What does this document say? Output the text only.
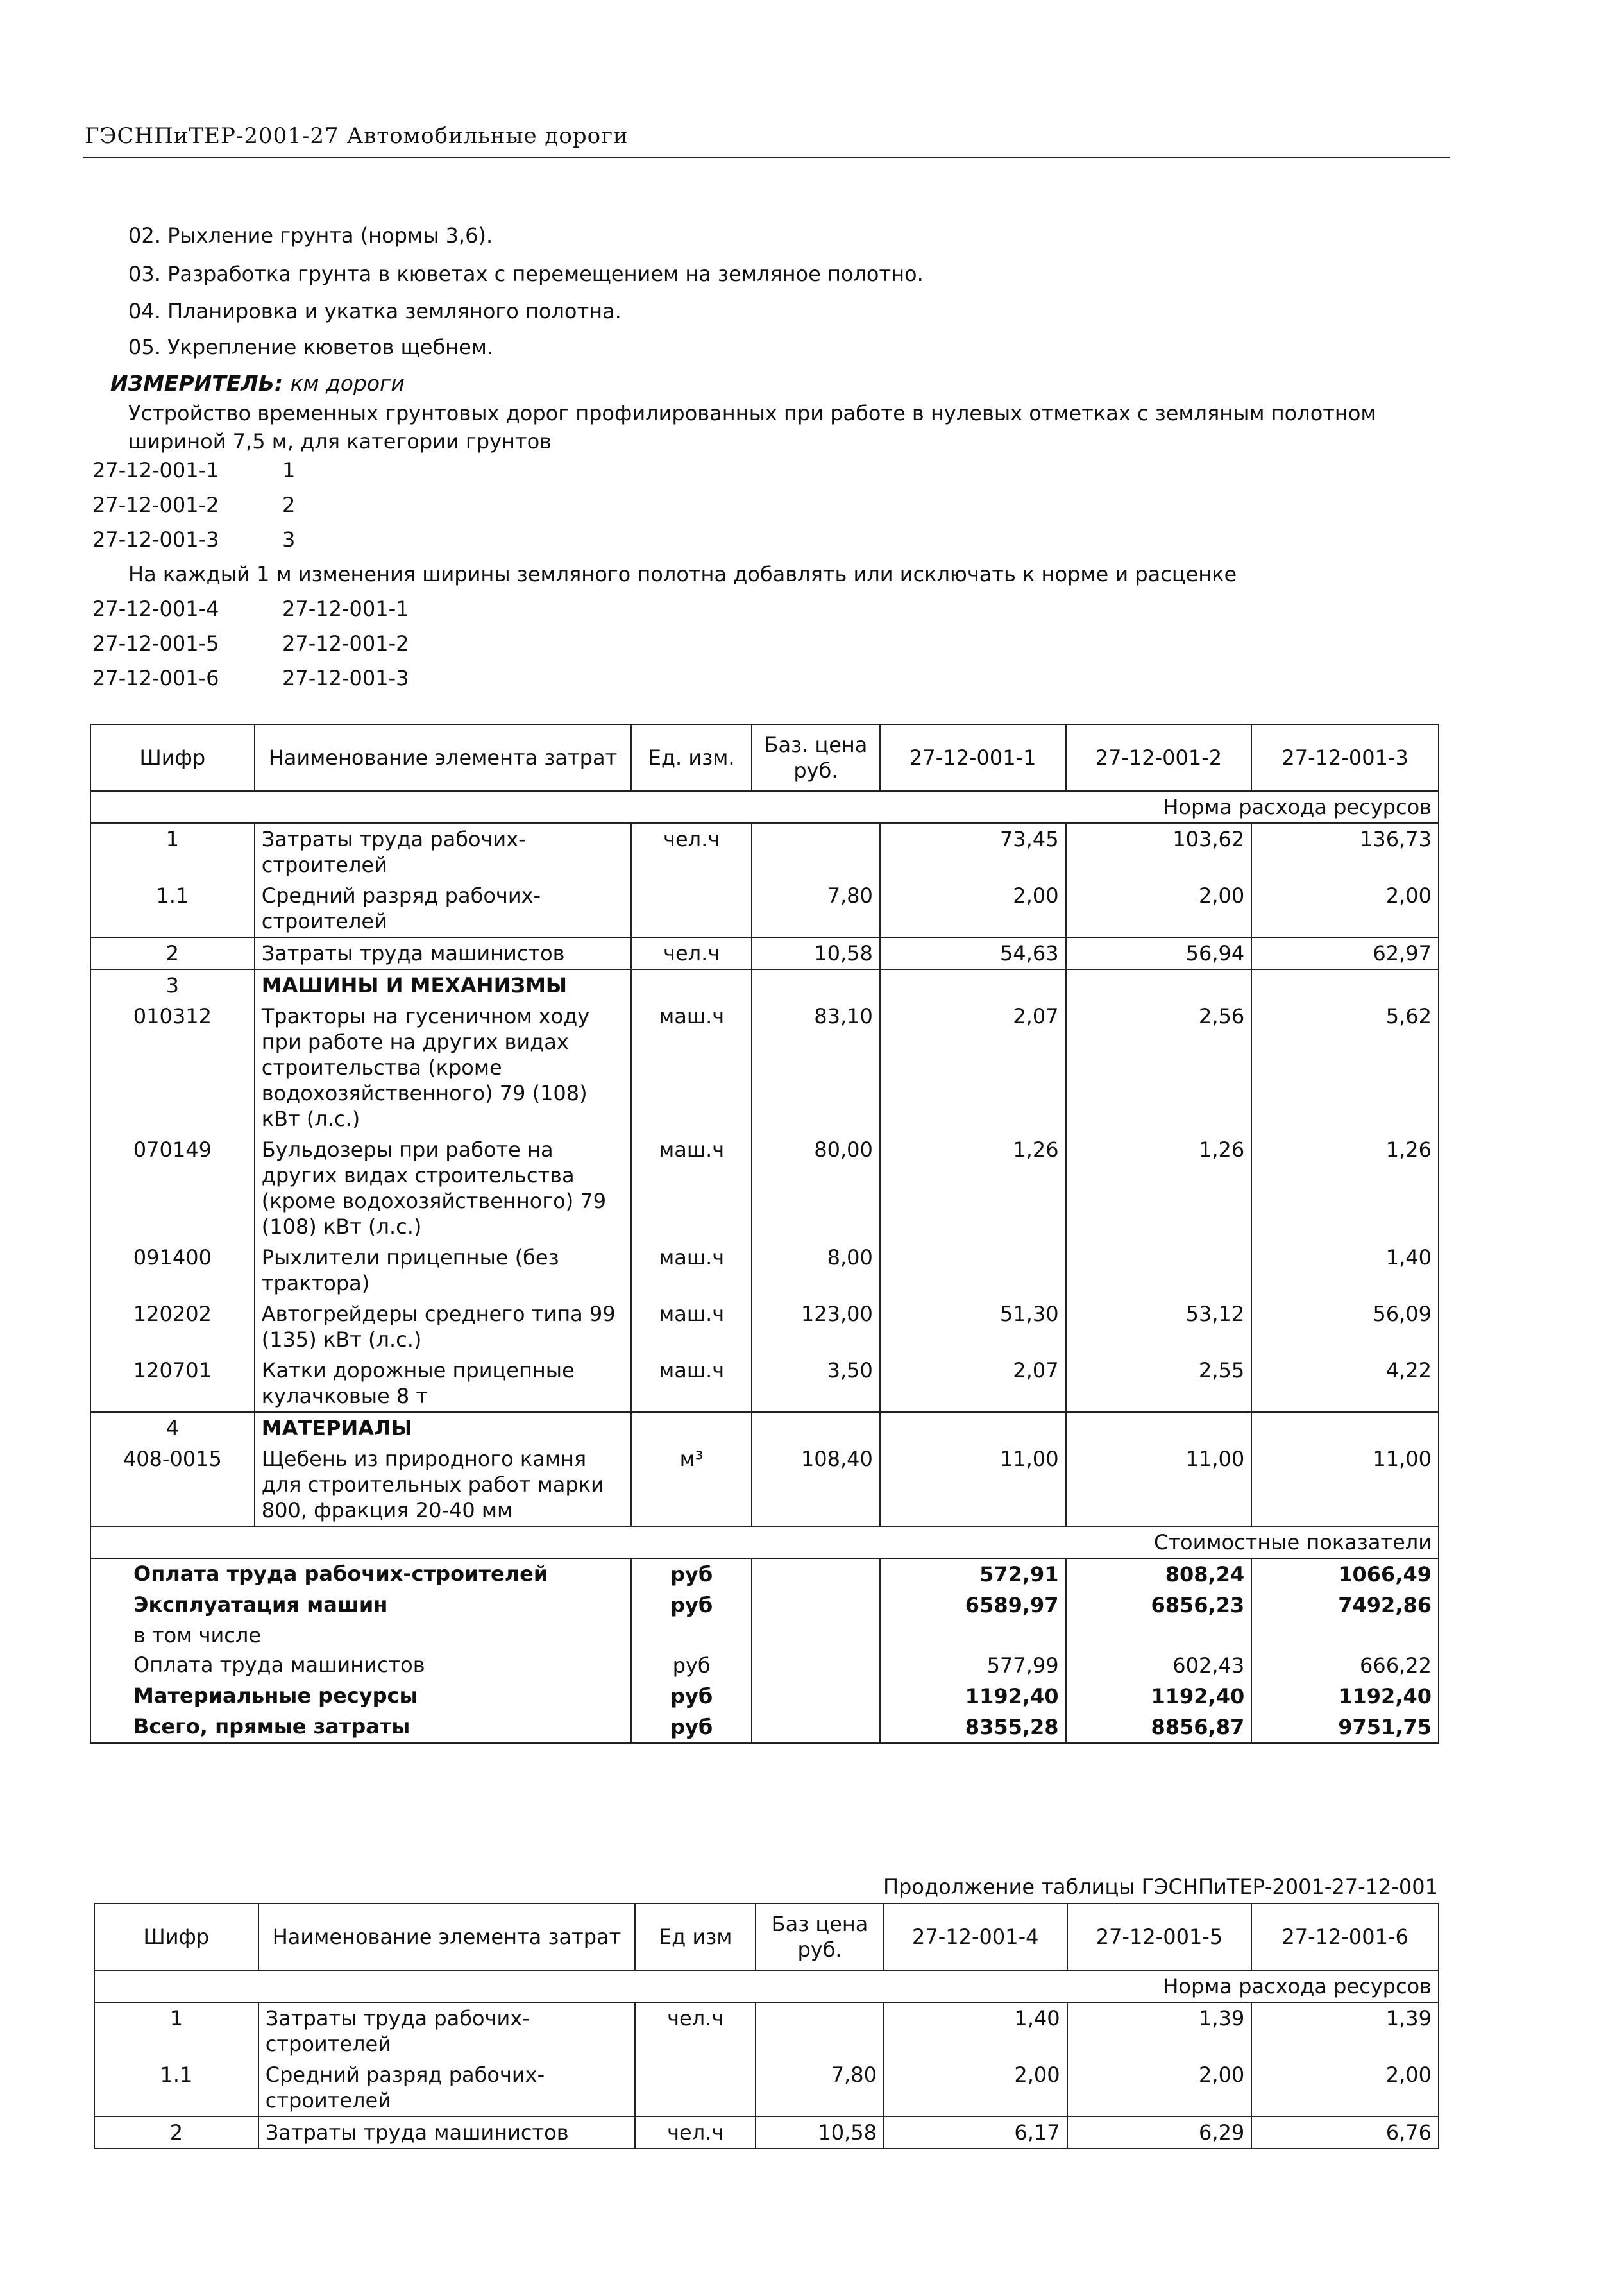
ГЭСНПиТЕР-2001-27 Автомобильные дороги
02. Рыхление грунта (нормы 3,6).
03. Разработка грунта в кюветах с перемещением на земляное полотно.
04. Планировка и укатка земляного полотна.
05. Укрепление кюветов щебнем.
ИЗМЕРИТЕЛЬ: км дороги
Устройство временных грунтовых дорог профилированных при работе в нулевых отметках с земляным полотном шириной 7,5 м, для категории грунтов
27-12-001-1	1
27-12-001-2	2
27-12-001-3	3
На каждый 1 м изменения ширины земляного полотна добавлять или исключать к норме и расценке
27-12-001-4	27-12-001-1
27-12-001-5	27-12-001-2
27-12-001-6	27-12-001-3
Шифр	Наименование элемента затрат	Ед. изм.	Баз. цена руб.	27-12-001-1	27-12-001-2	27-12-001-3
Норма расхода ресурсов						
1	Затраты труда рабочих-строителей	чел.ч		73,45	103,62	136,73
1.1	Средний разряд рабочих-строителей		7,80	2,00	2,00	2,00
2	Затраты труда машинистов	чел.ч	10,58	54,63	56,94	62,97
3	МАШИНЫ И МЕХАНИЗМЫ					
010312	Тракторы на гусеничном ходу при работе на других видах строительства (кроме водохозяйственного) 79 (108) кВт (л.с.)	маш.ч	83,10	2,07	2,56	5,62
070149	Бульдозеры при работе на других видах строительства (кроме водохозяйственного) 79 (108) кВт (л.с.)	маш.ч	80,00	1,26	1,26	1,26
091400	Рыхлители прицепные (без трактора)	маш.ч	8,00			1,40
120202	Автогрейдеры среднего типа 99 (135) кВт (л.с.)	маш.ч	123,00	51,30	53,12	56,09
120701	Катки дорожные прицепные кулачковые 8 т	маш.ч	3,50	2,07	2,55	4,22
4	МАТЕРИАЛЫ					
408-0015	Щебень из природного камня для строительных работ марки 800, фракция 20-40 мм	м³	108,40	11,00	11,00	11,00
Стоимостные показатели						
Оплата труда рабочих-строителей		руб		572,91	808,24	1066,49
Эксплуатация машин		руб		6589,97	6856,23	7492,86
в том числе						
Оплата труда машинистов		руб		577,99	602,43	666,22
Материальные ресурсы		руб		1192,40	1192,40	1192,40
Всего, прямые затраты		руб		8355,28	8856,87	9751,75
Продолжение таблицы ГЭСНПиТЕР-2001-27-12-001
Шифр	Наименование элемента затрат	Ед изм	Баз цена руб.	27-12-001-4	27-12-001-5	27-12-001-6
Норма расхода ресурсов						
1	Затраты труда рабочих-строителей	чел.ч		1,40	1,39	1,39
1.1	Средний разряд рабочих-строителей		7,80	2,00	2,00	2,00
2	Затраты труда машинистов	чел.ч	10,58	6,17	6,29	6,76
